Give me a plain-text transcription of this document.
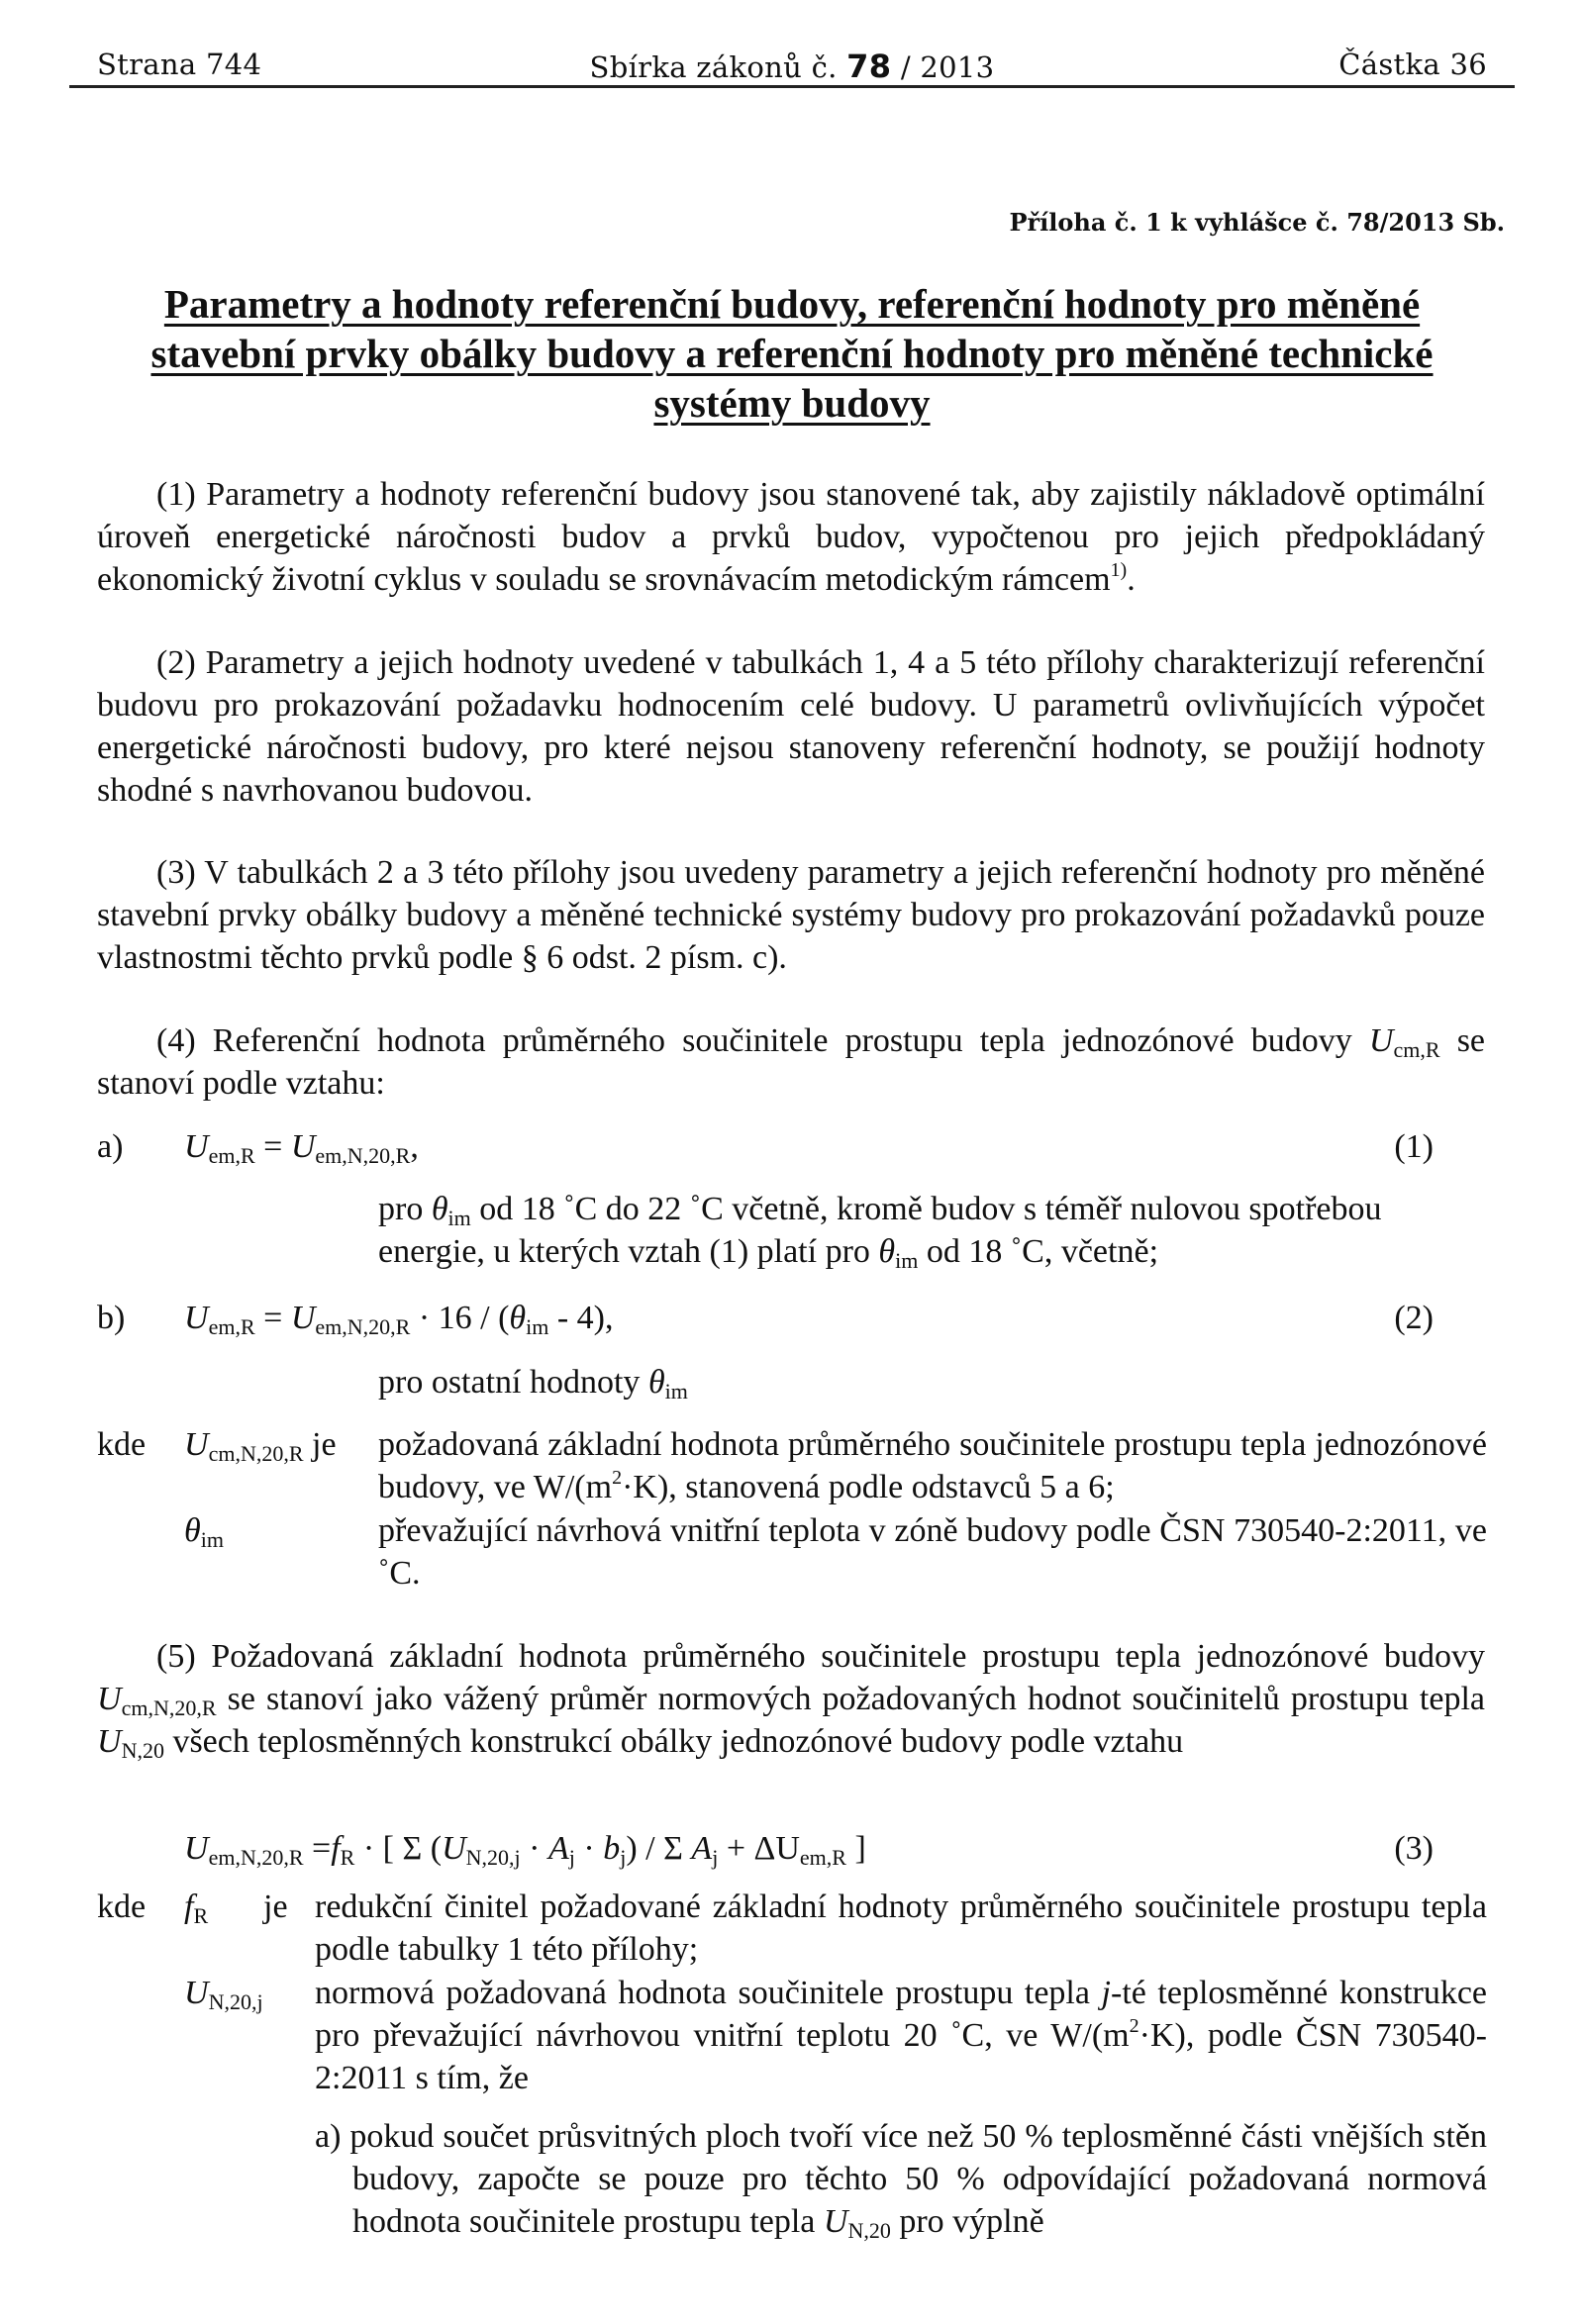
Strana 744	Sbírka zákonů č. 78 / 2013	Částka 36
Příloha č. 1 k vyhlášce č. 78/2013 Sb.
Parametry a hodnoty referenční budovy, referenční hodnoty pro měněné stavební prvky obálky budovy a referenční hodnoty pro měněné technické systémy budovy
(1) Parametry a hodnoty referenční budovy jsou stanovené tak, aby zajistily nákladově optimální úroveň energetické náročnosti budov a prvků budov, vypočtenou pro jejich předpokládaný ekonomický životní cyklus v souladu se srovnávacím metodickým rámcem$^{1)}$.
(2) Parametry a jejich hodnoty uvedené v tabulkách 1, 4 a 5 této přílohy charakterizují referenční budovu pro prokazování požadavku hodnocením celé budovy. U parametrů ovlivňujících výpočet energetické náročnosti budovy, pro které nejsou stanoveny referenční hodnoty, se použijí hodnoty shodné s navrhovanou budovou.
(3) V tabulkách 2 a 3 této přílohy jsou uvedeny parametry a jejich referenční hodnoty pro měněné stavební prvky obálky budovy a měněné technické systémy budovy pro prokazování požadavků pouze vlastnostmi těchto prvků podle § 6 odst. 2 písm. c).
(4) Referenční hodnota průměrného součinitele prostupu tepla jednozónové budovy $U_{cm,R}$ se stanoví podle vztahu:
a) $U_{em,R} = U_{em,N,20,R}$,	(1)
pro $\theta_{im}$ od 18 ˚C do 22 ˚C včetně, kromě budov s téměř nulovou spotřebou
energie, u kterých vztah (1) platí pro $\theta_{im}$ od 18 ˚C, včetně;
b) $U_{em,R} = U_{em,N,20,R} \cdot 16 / (\theta_{im} - 4)$,	(2)
pro ostatní hodnoty $\theta_{im}$
kde $U_{cm,N,20,R}$ je požadovaná základní hodnota průměrného součinitele prostupu tepla jednozónové budovy, ve $W/(m^2\cdot K)$, stanovená podle odstavců 5 a 6;
$\theta_{im}$	převažující návrhová vnitřní teplota v zóně budovy podle ČSN 730540-2:2011, ve ˚C.
(5) Požadovaná základní hodnota průměrného součinitele prostupu tepla jednozónové budovy $U_{cm,N,20,R}$ se stanoví jako vážený průměr normových požadovaných hodnot součinitelů prostupu tepla $U_{N,20}$ všech teplosměnných konstrukcí obálky jednozónové budovy podle vztahu
$U_{em,N,20,R} =f_R$ · [ Σ $(U_{N,20,j} \cdot A_j \cdot b_j) / \Sigma$ $A_j + \Delta U_{em,R}$ ]	(3)
kde $f_R$ je redukční činitel požadované základní hodnoty průměrného součinitele prostupu tepla podle tabulky 1 této přílohy;
$U_{N,20,j}$ normová požadovaná hodnota součinitele prostupu tepla j-té teplosměnné konstrukce pro převažující návrhovou vnitřní teplotu 20 ˚C, ve $W/(m^2\cdot K)$, podle ČSN 730540-2:2011 s tím, že
a) pokud součet průsvitných ploch tvoří více než 50 % teplosměnné části vnějších stěn budovy, započte se pouze pro těchto 50 % odpovídající požadovaná normová hodnota součinitele prostupu tepla $U_{N,20}$ pro výplně
